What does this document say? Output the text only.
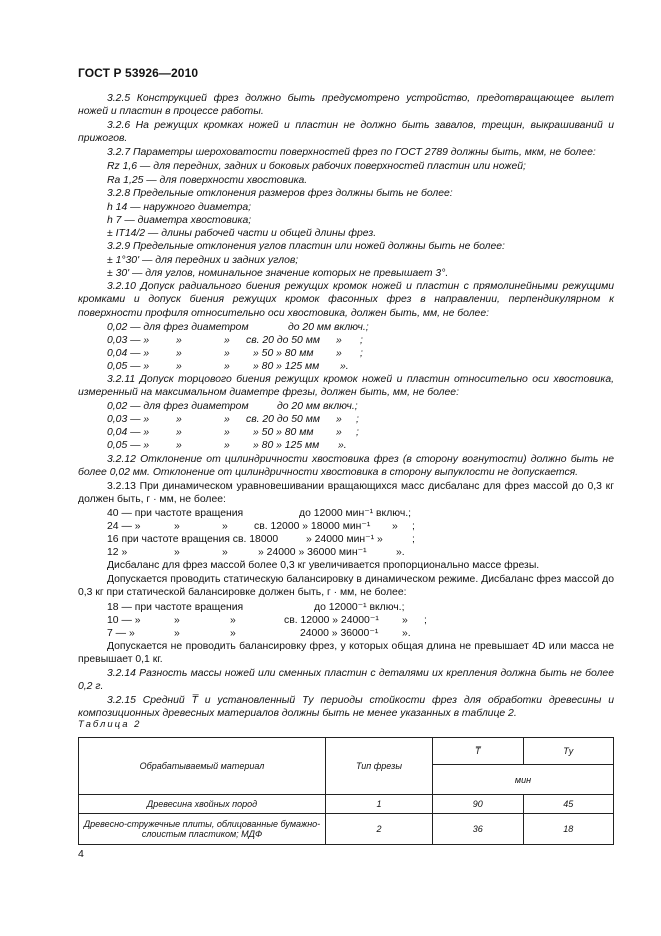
ГОСТ Р 53926—2010

3.2.5 Конструкцией фрез должно быть предусмотрено устройство, предотвращающее вылет ножей и пластин в процессе работы.

3.2.6 На режущих кромках ножей и пластин не должно быть завалов, трещин, выкрашиваний и прижогов.

3.2.7 Параметры шероховатости поверхностей фрез по ГОСТ 2789 должны быть, мкм, не более:

Rz 1,6 — для передних, задних и боковых рабочих поверхностей пластин или ножей;

Ra 1,25 — для поверхности хвостовика.

3.2.8 Предельные отклонения размеров фрез должны быть не более:

h 14 — наружного диаметра;

h 7 — диаметра хвостовика;

± IT14/2 — длины рабочей части и общей длины фрез.

3.2.9 Предельные отклонения углов пластин или ножей должны быть не более:

± 1°30' — для передних и задних углов;

± 30' — для углов, номинальное значение которых не превышает 3°.

3.2.10 Допуск радиального биения режущих кромок ножей и пластин с прямолинейными режущими кромками и допуск биения режущих кромок фасонных фрез в направлении, перпендикулярном к поверхности профиля относительно оси хвостовика, должен быть, мм, не более:

0,02 — для фрез диаметром	до 20 мм включ.;
0,03 — »	»	» св. 20 до 50 мм » ;
0,04 — »	»	» » 50 » 80 мм » ;
0,05 — »	»	» » 80 » 125 мм ».

3.2.11 Допуск торцового биения режущих кромок ножей и пластин относительно оси хвостовика, измеренный на максимальном диаметре фрезы, должен быть, мм, не более:

0,02 — для фрез диаметром	до 20 мм включ.;
0,03 — »	»	» св. 20 до 50 мм » ;
0,04 — »	»	» » 50 » 80 мм » ;
0,05 — »	»	» » 80 » 125 мм ».

3.2.12 Отклонение от цилиндричности хвостовика фрез (в сторону вогнутости) должно быть не более 0,02 мм. Отклонение от цилиндричности хвостовика в сторону выпуклости не допускается.

3.2.13 При динамическом уравновешивании вращающихся масс дисбаланс для фрез массой до 0,3 кг должен быть, г · мм, не более:

40 — при частоте вращения	до 12000 мин⁻¹ включ.;
24 — »	»	»	св. 12000 » 18000 мин⁻¹ » ;
16 при частоте вращения св. 18000	» 24000 мин⁻¹ »	;
12 »	»	»	» 24000 » 36000 мин⁻¹	».

Дисбаланс для фрез массой более 0,3 кг увеличивается пропорционально массе фрезы.

Допускается проводить статическую балансировку в динамическом режиме. Дисбаланс фрез массой до 0,3 кг при статической балансировке должен быть, г · мм, не более:

18 — при частоте вращения	до 12000⁻¹ включ.;
10 — »	»	»	св. 12000 » 24000⁻¹ » ;
7 — »	»	»	24000 » 36000⁻¹ ».

Допускается не проводить балансировку фрез, у которых общая длина не превышает 4D или масса не превышает 0,1 кг.

3.2.14 Разность массы ножей или сменных пластин с деталями их крепления должна быть не более 0,2 г.

3.2.15 Средний T̅ и установленный Tу периоды стойкости фрез для обработки древесины и композиционных древесных материалов должны быть не менее указанных в таблице 2.

Таблица 2
Обрабатываемый материал	Тип фрезы	T̅	Tу
		мин	
Древесина хвойных пород	1	90	45
Древесно-стружечные плиты, облицованные бумажно-слоистым пластиком; МДФ	2	36	18
4
